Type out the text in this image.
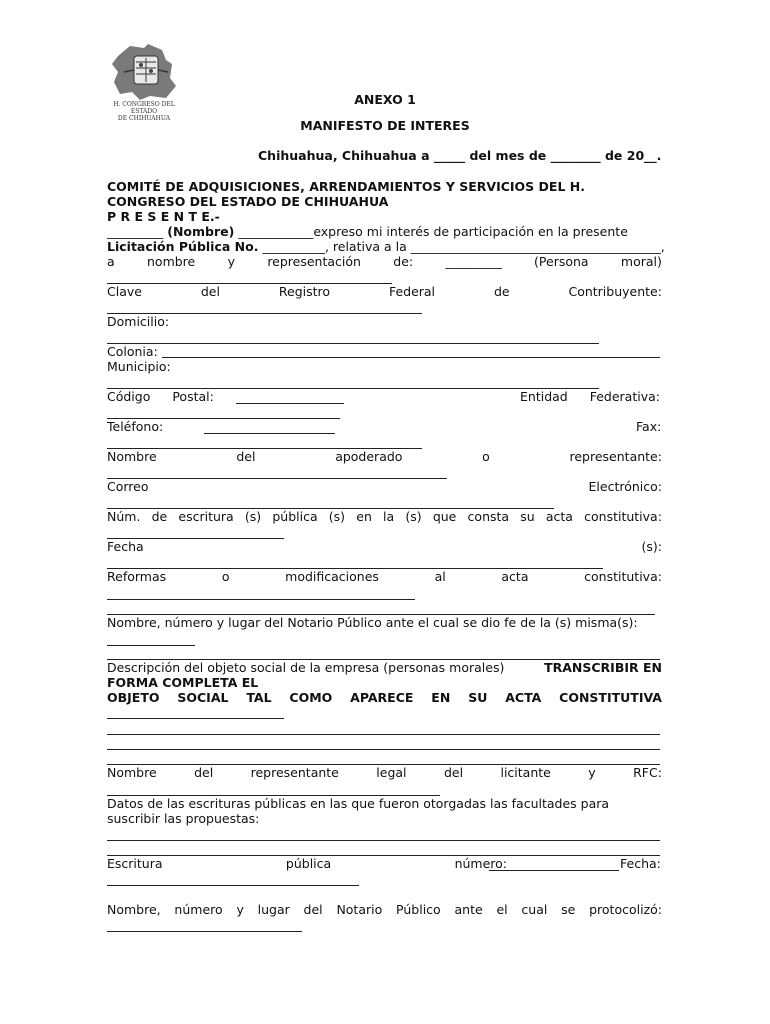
H. CONGRESO DEL ESTADO
DE CHIHUAHUA
ANEXO 1
MANIFESTO DE INTERES
Chihuahua, Chihuahua a _____ del mes de ________ de 20__.
COMITÉ DE ADQUISICIONES, ARRENDAMIENTOS Y SERVICIOS DEL H.
CONGRESO DEL ESTADO DE CHIHUAHUA
P R E S E N T E.-
_________ (Nombre) ____________expreso mi interés de participación en la presente
Licitación Pública No. __________, relativa a la ________________________________________,
a	nombre	y	representación	de:	_________	(Persona	moral)
Clave	del	Registro	Federal	de	Contribuyente:
Domicilio:
Colonia:
Municipio:
Código Postal:	Entidad Federativa:
Teléfono:	Fax:
Nombre	del	apoderado	o	representante:
Correo	Electrónico:
Núm. de escritura (s) pública (s) en la (s) que consta su acta constitutiva:
Fecha	(s):
Reformas	o	modificaciones	al	acta	constitutiva:
Nombre, número y lugar del Notario Público ante el cual se dio fe de la (s) misma(s):
Descripción del objeto social de la empresa (personas morales)	TRANSCRIBIR EN
FORMA COMPLETA EL
OBJETO SOCIAL TAL COMO APARECE EN SU ACTA CONSTITUTIVA
Nombre	del	representante	legal	del	licitante	y	RFC:
Datos de las escrituras públicas en las que fueron otorgadas las facultades para
suscribir las propuestas:
Escritura	pública	número:	Fecha:
Nombre, número y lugar del Notario Público ante el cual se protocolizó:
